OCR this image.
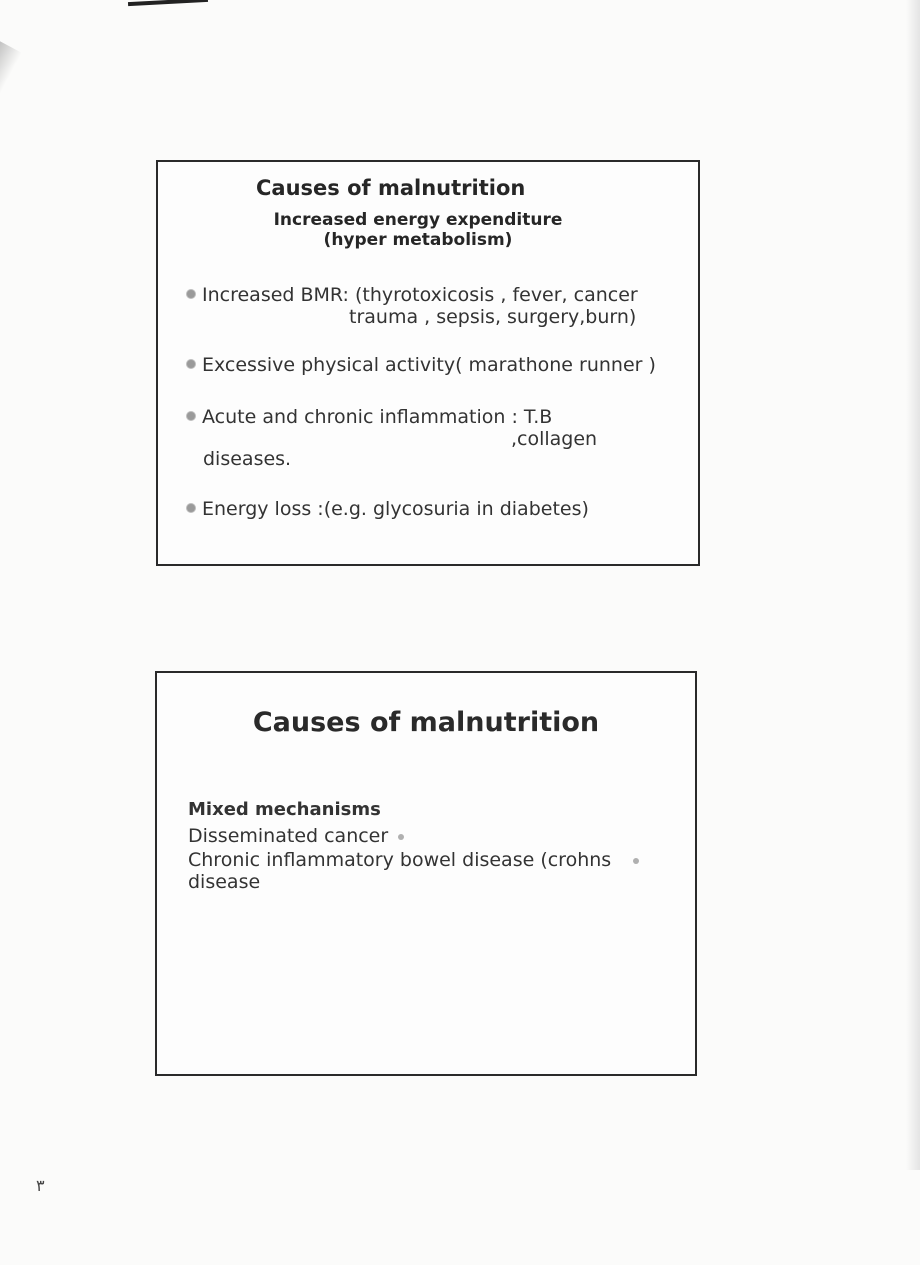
Causes of malnutrition
Increased energy expenditure
(hyper metabolism)
Increased BMR: (thyrotoxicosis , fever, cancer
trauma , sepsis, surgery,burn)
Excessive physical activity( marathone runner )
Acute and chronic inflammation : T.B
,collagen
diseases.
Energy loss :(e.g. glycosuria in diabetes)
Causes of malnutrition
Mixed mechanisms
Disseminated cancer
Chronic inflammatory bowel disease (crohns
disease
٣
